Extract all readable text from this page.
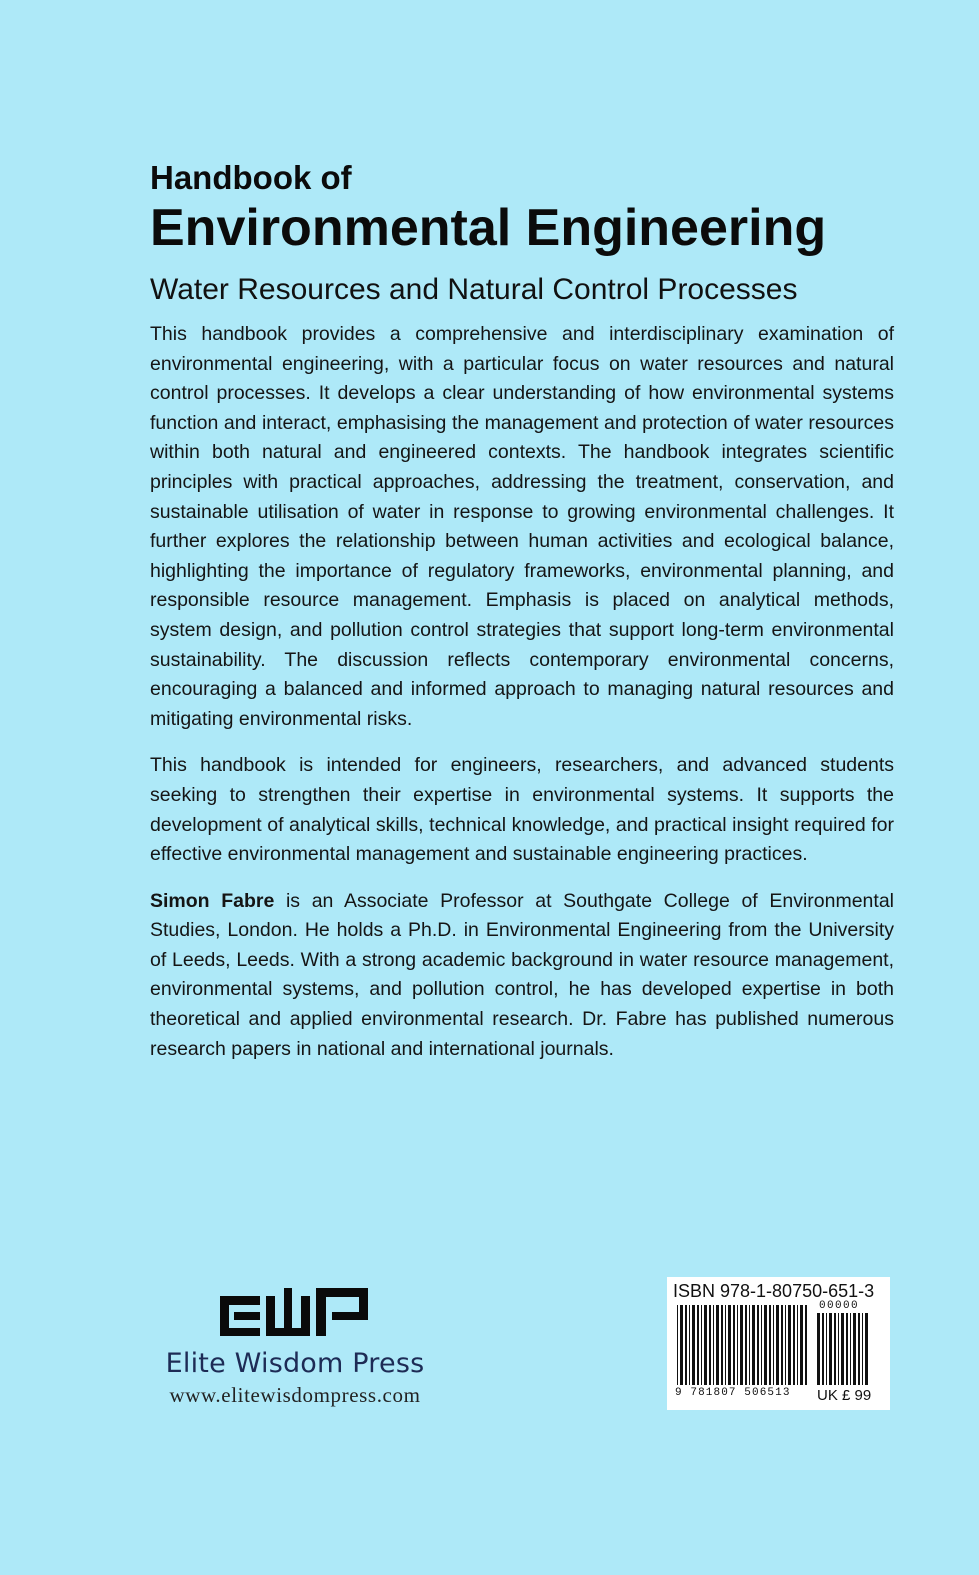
Handbook of
Environmental Engineering
Water Resources and Natural Control Processes

This handbook provides a comprehensive and interdisciplinary examination of environmental engineering, with a particular focus on water resources and natural control processes. It develops a clear understanding of how environmental systems function and interact, emphasising the management and protection of water resources within both natural and engineered contexts. The handbook integrates scientific principles with practical approaches, addressing the treatment, conservation, and sustainable utilisation of water in response to growing environmental challenges. It further explores the relationship between human activities and ecological balance, highlighting the importance of regulatory frameworks, environmental planning, and responsible resource management. Emphasis is placed on analytical methods, system design, and pollution control strategies that support long-term environmental sustainability. The discussion reflects contemporary environmental concerns, encouraging a balanced and informed approach to managing natural resources and mitigating environmental risks.

This handbook is intended for engineers, researchers, and advanced students seeking to strengthen their expertise in environmental systems. It supports the development of analytical skills, technical knowledge, and practical insight required for effective environmental management and sustainable engineering practices.

Simon Fabre is an Associate Professor at Southgate College of Environmental Studies, London. He holds a Ph.D. in Environmental Engineering from the University of Leeds, Leeds. With a strong academic background in water resource management, environmental systems, and pollution control, he has developed expertise in both theoretical and applied environmental research. Dr. Fabre has published numerous research papers in national and international journals.

Elite Wisdom Press
www.elitewisdompress.com
ISBN 978-1-80750-651-3
00000
9 781807 506513 UK £ 99
